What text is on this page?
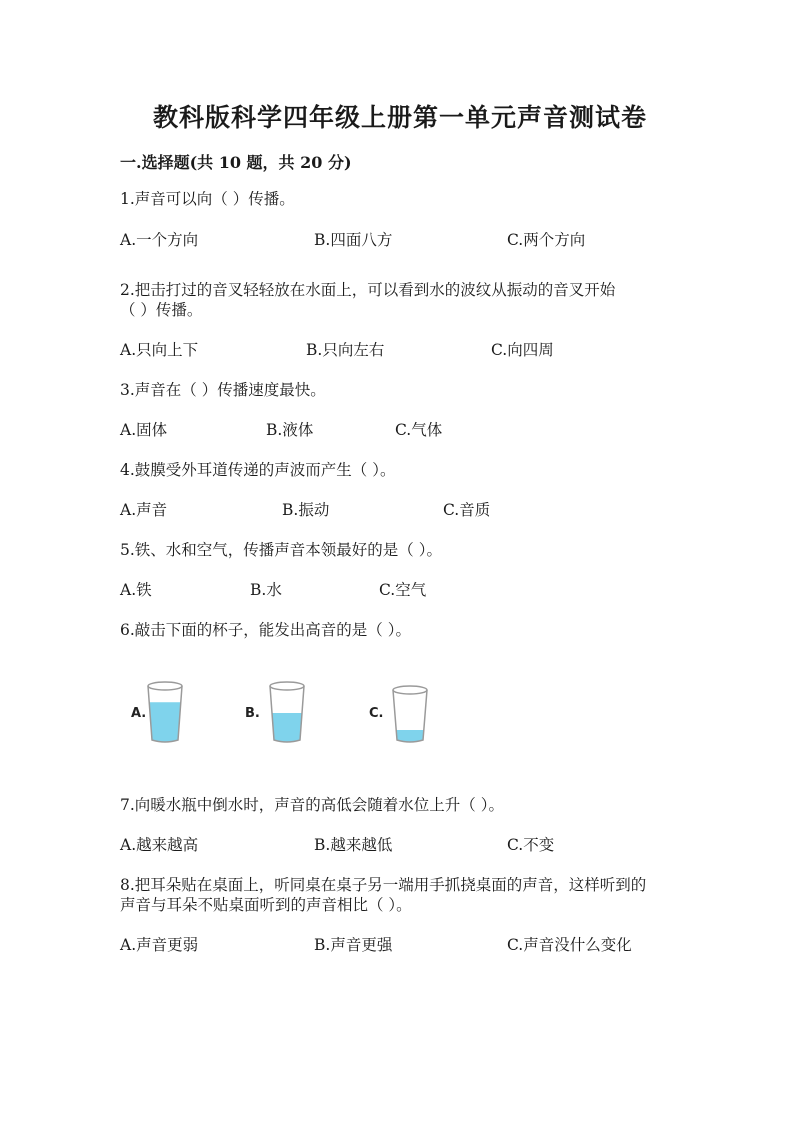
教科版科学四年级上册第一单元声音测试卷
一.选择题(共 10 题，共 20 分)
1.声音可以向（ ）传播。
A.一个方向	B.四面八方	C.两个方向
2.把击打过的音叉轻轻放在水面上，可以看到水的波纹从振动的音叉开始
（ ）传播。
A.只向上下	B.只向左右	C.向四周
3.声音在（ ）传播速度最快。
A.固体	B.液体	C.气体
4.鼓膜受外耳道传递的声波而产生（ ）。
A.声音	B.振动	C.音质
5.铁、水和空气，传播声音本领最好的是（ ）。
A.铁	B.水	C.空气
6.敲击下面的杯子，能发出高音的是（ ）。
A.	B.	C.
7.向暖水瓶中倒水时，声音的高低会随着水位上升（ ）。
A.越来越高	B.越来越低	C.不变
8.把耳朵贴在桌面上，听同桌在桌子另一端用手抓挠桌面的声音，这样听到的
声音与耳朵不贴桌面听到的声音相比（ ）。
A.声音更弱	B.声音更强	C.声音没什么变化
